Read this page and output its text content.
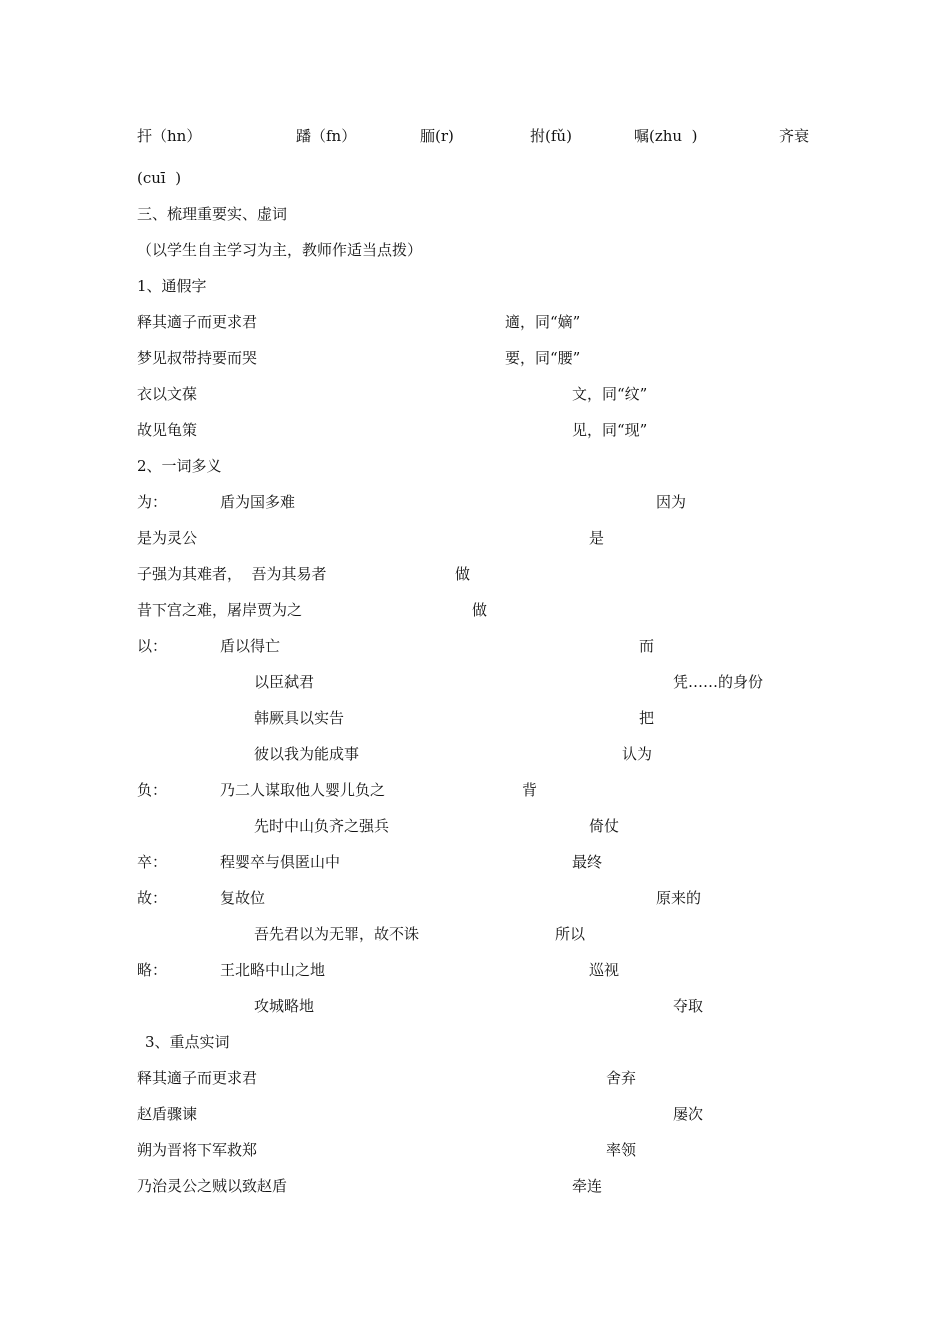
扞（hn）	蹯（fn）	胹(r)	拊(fǔ)	嘱(zhu  )	齐衰
(cuī  )
三、梳理重要实、虚词
（以学生自主学习为主，教师作适当点拨）
1、通假字
释其適子而更求君	適，同“嫡”
梦见叔带持要而哭	要，同“腰”
衣以文葆	文，同“纹”
故见龟策	见，同“现”
2、一词多义
为：	盾为国多难	因为
是为灵公	是
子强为其难者，  吾为其易者	做
昔下宫之难，屠岸贾为之	做
以：	盾以得亡	而
以臣弑君	凭……的身份
韩厥具以实告	把
彼以我为能成事	认为
负：	乃二人谋取他人婴儿负之	背
先时中山负齐之强兵	倚仗
卒：	程婴卒与俱匿山中	最终
故：	复故位	原来的
吾先君以为无罪，故不诛	所以
略：	王北略中山之地	巡视
攻城略地	夺取
3、重点实词
释其適子而更求君	舍弃
赵盾骤谏	屡次
朔为晋将下军救郑	率领
乃治灵公之贼以致赵盾	牵连
